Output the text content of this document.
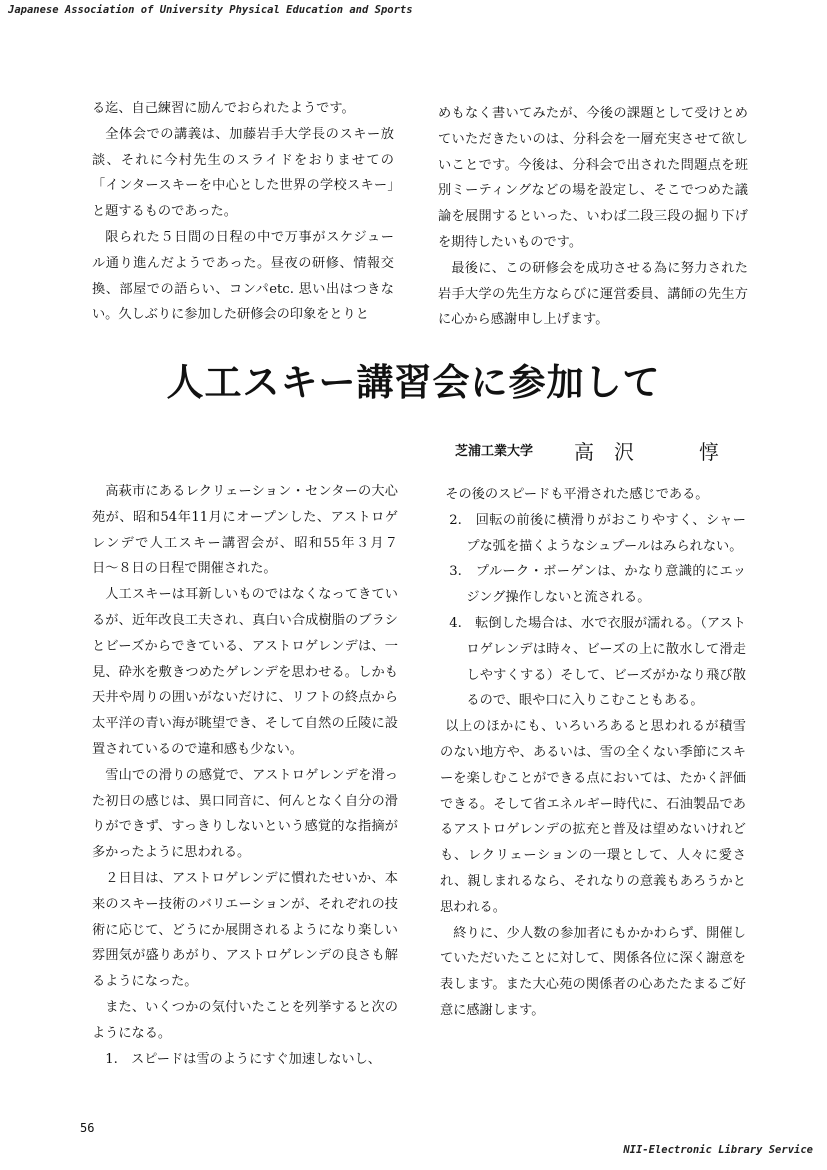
Japanese Association of University Physical Education and Sports

る迄、自己練習に励んでおられたようです。

全体会での講義は、加藤岩手大学長のスキー放談、それに今村先生のスライドをおりませての「インタースキーを中心とした世界の学校スキー」と題するものであった。

限られた５日間の日程の中で万事がスケジュール通り進んだようであった。昼夜の研修、情報交換、部屋での語らい、コンパetc. 思い出はつきない。久しぶりに参加した研修会の印象をとりと

めもなく書いてみたが、今後の課題として受けとめていただきたいのは、分科会を一層充実させて欲しいことです。今後は、分科会で出された問題点を班別ミーティングなどの場を設定し、そこでつめた議論を展開するといった、いわば二段三段の掘り下げを期待したいものです。

最後に、この研修会を成功させる為に努力された岩手大学の先生方ならびに運営委員、講師の先生方に心から感謝申し上げます。

人工スキー講習会に参加して
芝浦工業大学 高　沢	惇

高萩市にあるレクリェーション・センターの大心苑が、昭和54年11月にオープンした、アストロゲレンデで人工スキー講習会が、昭和55年３月７日〜８日の日程で開催された。

人工スキーは耳新しいものではなくなってきているが、近年改良工夫され、真白い合成樹脂のブラシとビーズからできている、アストロゲレンデは、一見、砕氷を敷きつめたゲレンデを思わせる。しかも天井や周りの囲いがないだけに、リフトの終点から太平洋の青い海が眺望でき、そして自然の丘陵に設置されているので違和感も少ない。

雪山での滑りの感覚で、アストロゲレンデを滑った初日の感じは、異口同音に、何んとなく自分の滑りができず、すっきりしないという感覚的な指摘が多かったように思われる。

２日目は、アストロゲレンデに慣れたせいか、本来のスキー技術のバリエーションが、それぞれの技術に応じて、どうにか展開されるようになり楽しい雰囲気が盛りあがり、アストロゲレンデの良さも解るようになった。

また、いくつかの気付いたことを列挙すると次のようになる。

1.　スピードは雪のようにすぐ加速しないし、

その後のスピードも平滑された感じである。

2.　回転の前後に横滑りがおこりやすく、シャープな弧を描くようなシュプールはみられない。

3.　プルーク・ボーゲンは、かなり意識的にエッジング操作しないと流される。

4.　転倒した場合は、水で衣服が濡れる。（アストロゲレンデは時々、ビーズの上に散水して滑走しやすくする）そして、ビーズがかなり飛び散るので、眼や口に入りこむこともある。

以上のほかにも、いろいろあると思われるが積雪のない地方や、あるいは、雪の全くない季節にスキーを楽しむことができる点においては、たかく評価できる。そして省エネルギー時代に、石油製品であるアストロゲレンデの拡充と普及は望めないけれども、レクリェーションの一環として、人々に愛され、親しまれるなら、それなりの意義もあろうかと思われる。

終りに、少人数の参加者にもかかわらず、開催していただいたことに対して、関係各位に深く謝意を表します。また大心苑の関係者の心あたたまるご好意に感謝します。

56
NII-Electronic Library Service
